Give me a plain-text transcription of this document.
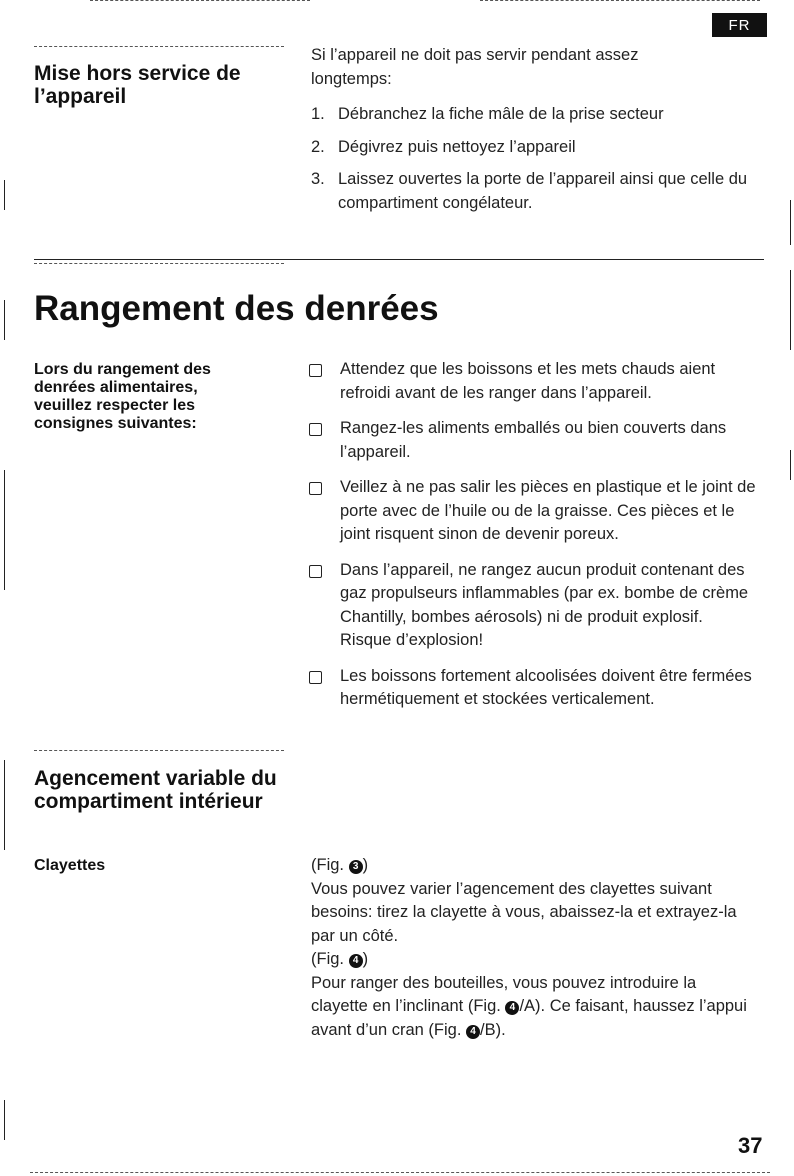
FR
Mise hors service de l’appareil
Si l’appareil ne doit pas servir pendant assez longtemps:
1. Débranchez la fiche mâle de la prise secteur
2. Dégivrez puis nettoyez l’appareil
3. Laissez ouvertes la porte de l’appareil ainsi que celle du compartiment congélateur.
Rangement des denrées
Lors du rangement des denrées alimentaires, veuillez respecter les consignes suivantes:
Attendez que les boissons et les mets chauds aient refroidi avant de les ranger dans l’appareil.
Rangez-les aliments emballés ou bien couverts dans l’appareil.
Veillez à ne pas salir les pièces en plastique et le joint de porte avec de l’huile ou de la graisse. Ces pièces et le joint risquent sinon de devenir poreux.
Dans l’appareil, ne rangez aucun produit contenant des gaz propulseurs inflammables (par ex. bombe de crème Chantilly, bombes aérosols) ni de produit explosif. Risque d’explosion!
Les boissons fortement alcoolisées doivent être fermées hermétiquement et stockées verticalement.
Agencement variable du compartiment intérieur
Clayettes	(Fig. 3 )

Vous pouvez varier l’agencement des clayettes suivant besoins: tirez la clayette à vous, abaissez-la et extrayez-la par un côté.

(Fig. 4 )

Pour ranger des bouteilles, vous pouvez introduire la clayette en l’inclinant (Fig. 4 /A). Ce faisant, haussez l’appui avant d’un cran (Fig. 4 /B).

37
